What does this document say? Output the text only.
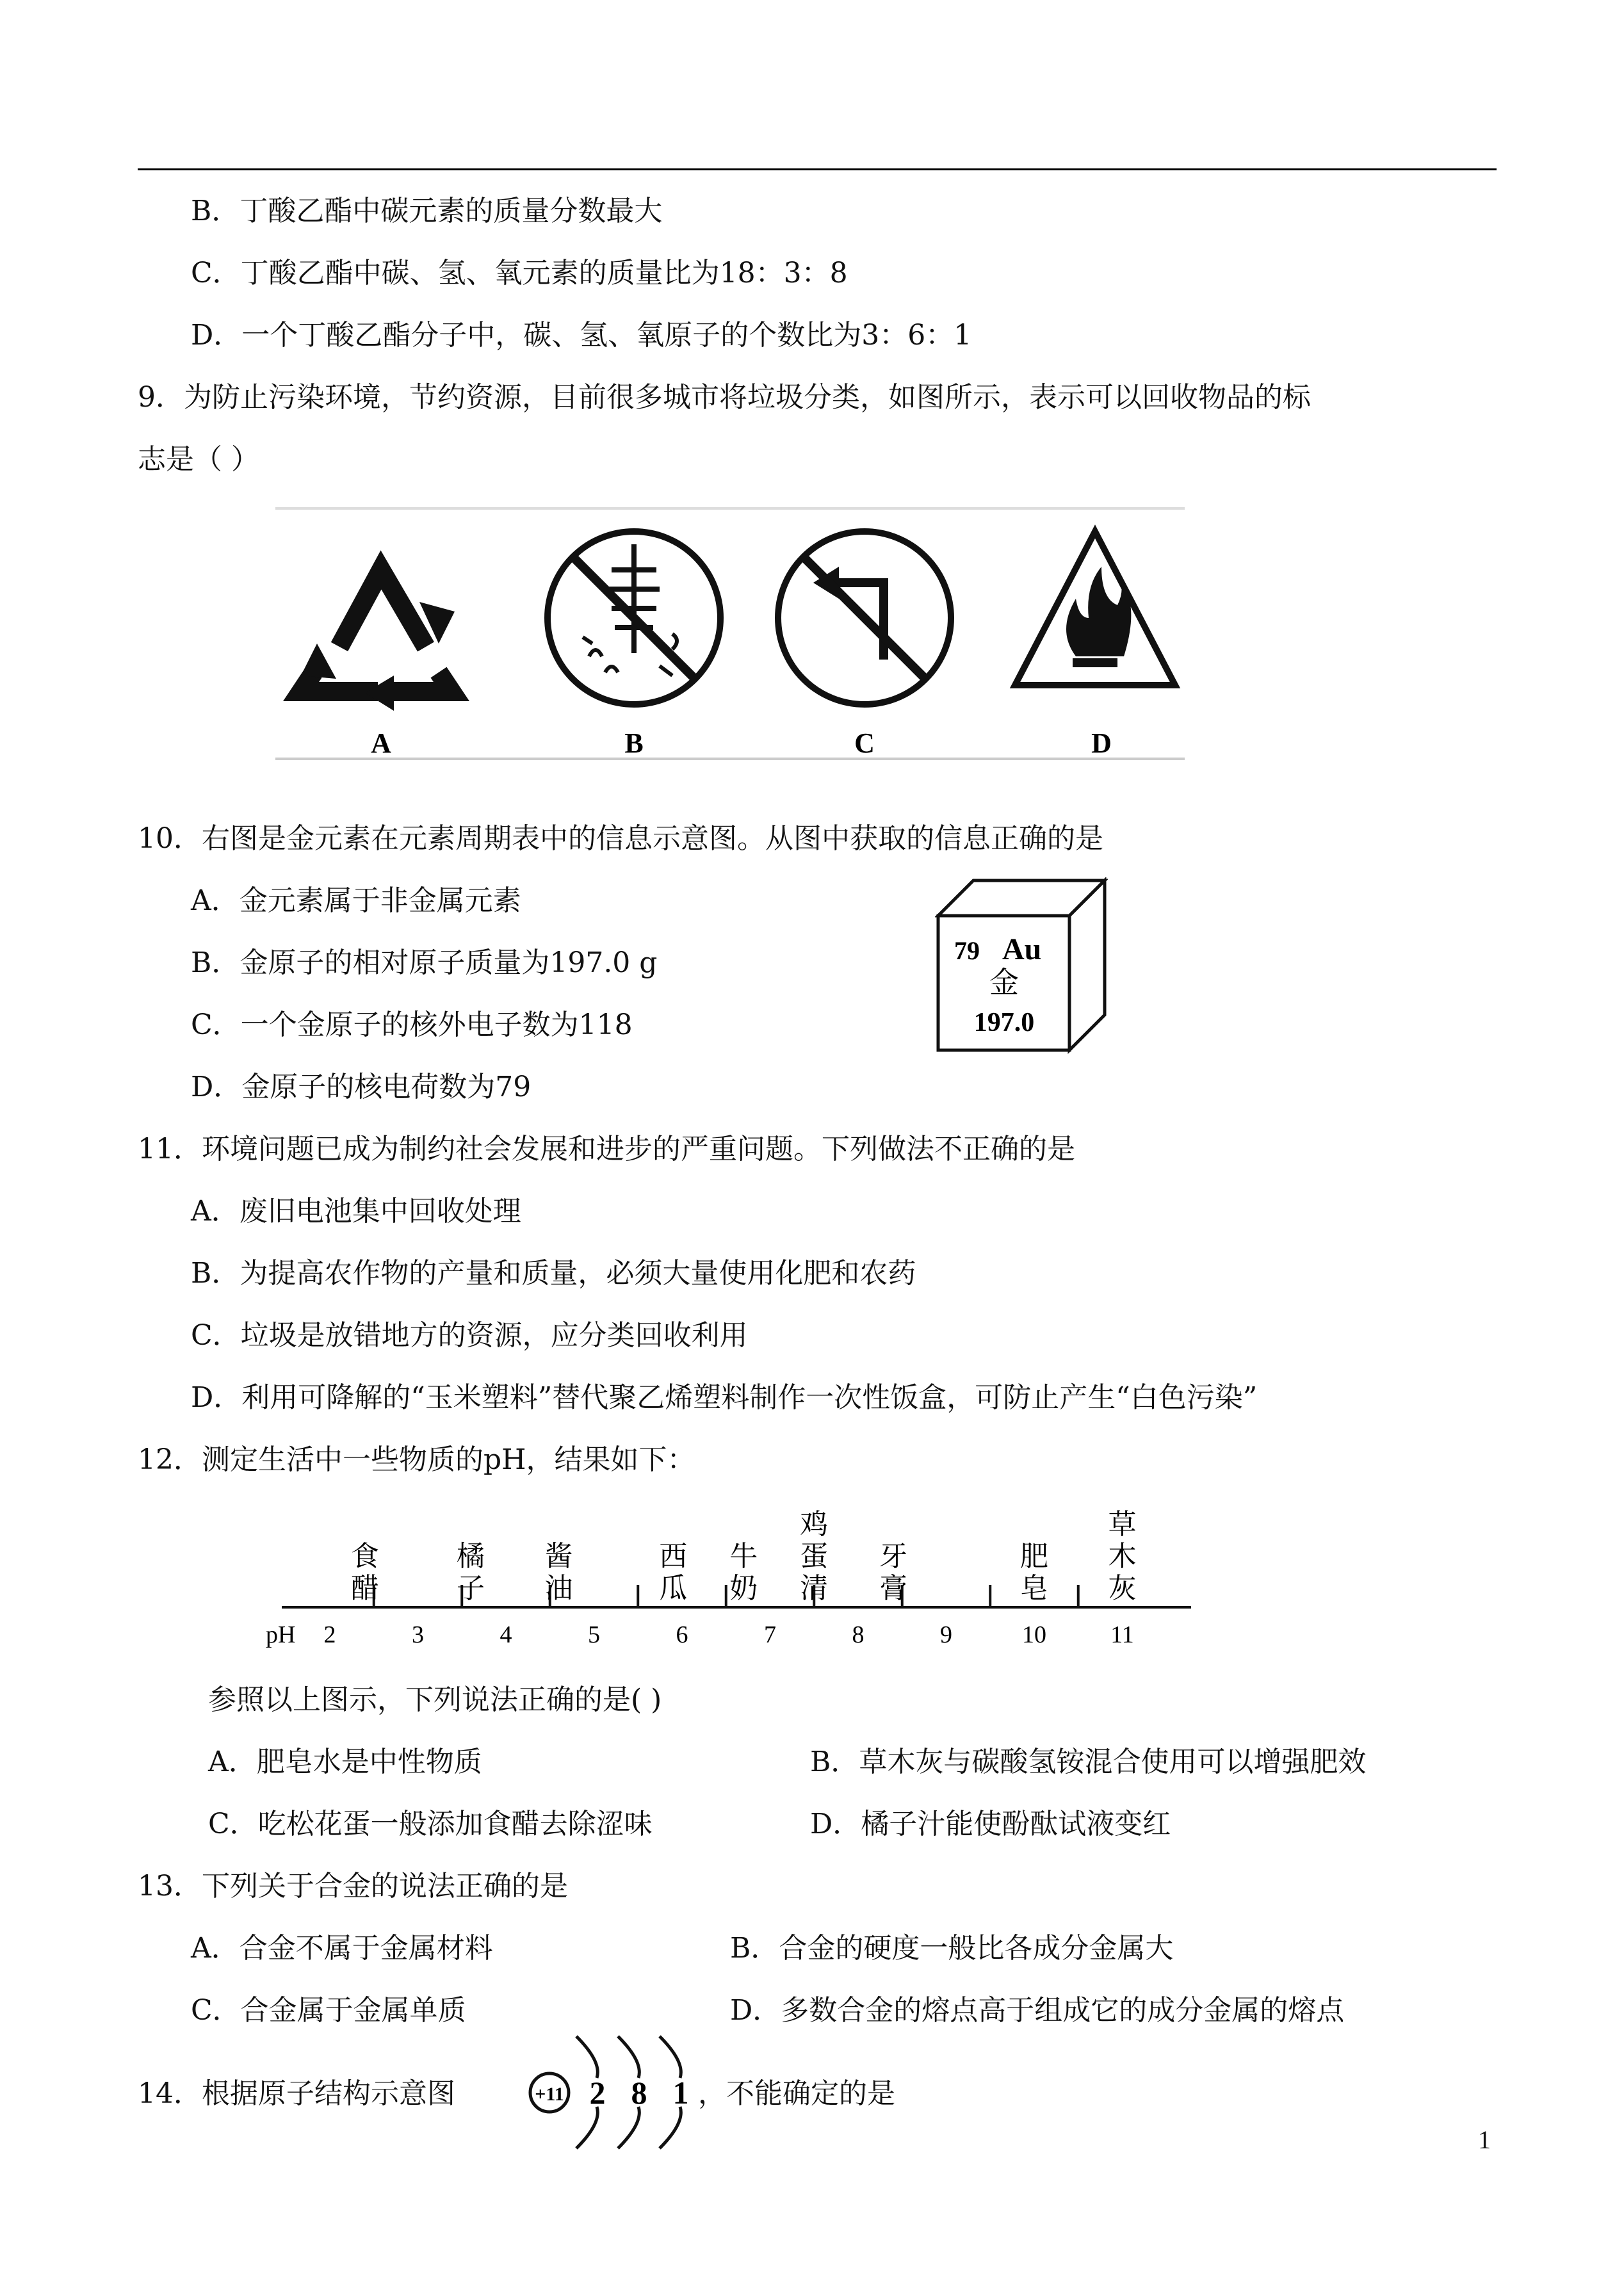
B．丁酸乙酯中碳元素的质量分数最大
C．丁酸乙酯中碳、氢、氧元素的质量比为18：3：8
D．一个丁酸乙酯分子中，碳、氢、氧原子的个数比为3：6：1
9．为防止污染环境，节约资源，目前很多城市将垃圾分类，如图所示，表示可以回收物品的标
志是（ ）
A	B	C	D
10．右图是金元素在元素周期表中的信息示意图。从图中获取的信息正确的是
A．金元素属于非金属元素
B．金原子的相对原子质量为197.0 g
C．一个金原子的核外电子数为118
D．金原子的核电荷数为79
79 Au
金
197.0
11．环境问题已成为制约社会发展和进步的严重问题。下列做法不正确的是
A．废旧电池集中回收处理
B．为提高农作物的产量和质量，必须大量使用化肥和农药
C．垃圾是放错地方的资源，应分类回收利用
D．利用可降解的“玉米塑料”替代聚乙烯塑料制作一次性饭盒，可防止产生“白色污染”
12．测定生活中一些物质的pH，结果如下：
pH 2	3	4	5	6	7	8	9	10	11
食
醋
橘
子
酱
油
西
瓜
牛
奶
鸡
蛋
清
牙
膏
肥
皂
草
木
灰
参照以上图示，下列说法正确的是( )
A．肥皂水是中性物质	B．草木灰与碳酸氢铵混合使用可以增强肥效
C．吃松花蛋一般添加食醋去除涩味	D．橘子汁能使酚酞试液变红
13．下列关于合金的说法正确的是
A．合金不属于金属材料	B．合金的硬度一般比各成分金属大
C．合金属于金属单质	D．多数合金的熔点高于组成它的成分金属的熔点
14．根据原子结构示意图	+11 2 8 1 ，不能确定的是
1
